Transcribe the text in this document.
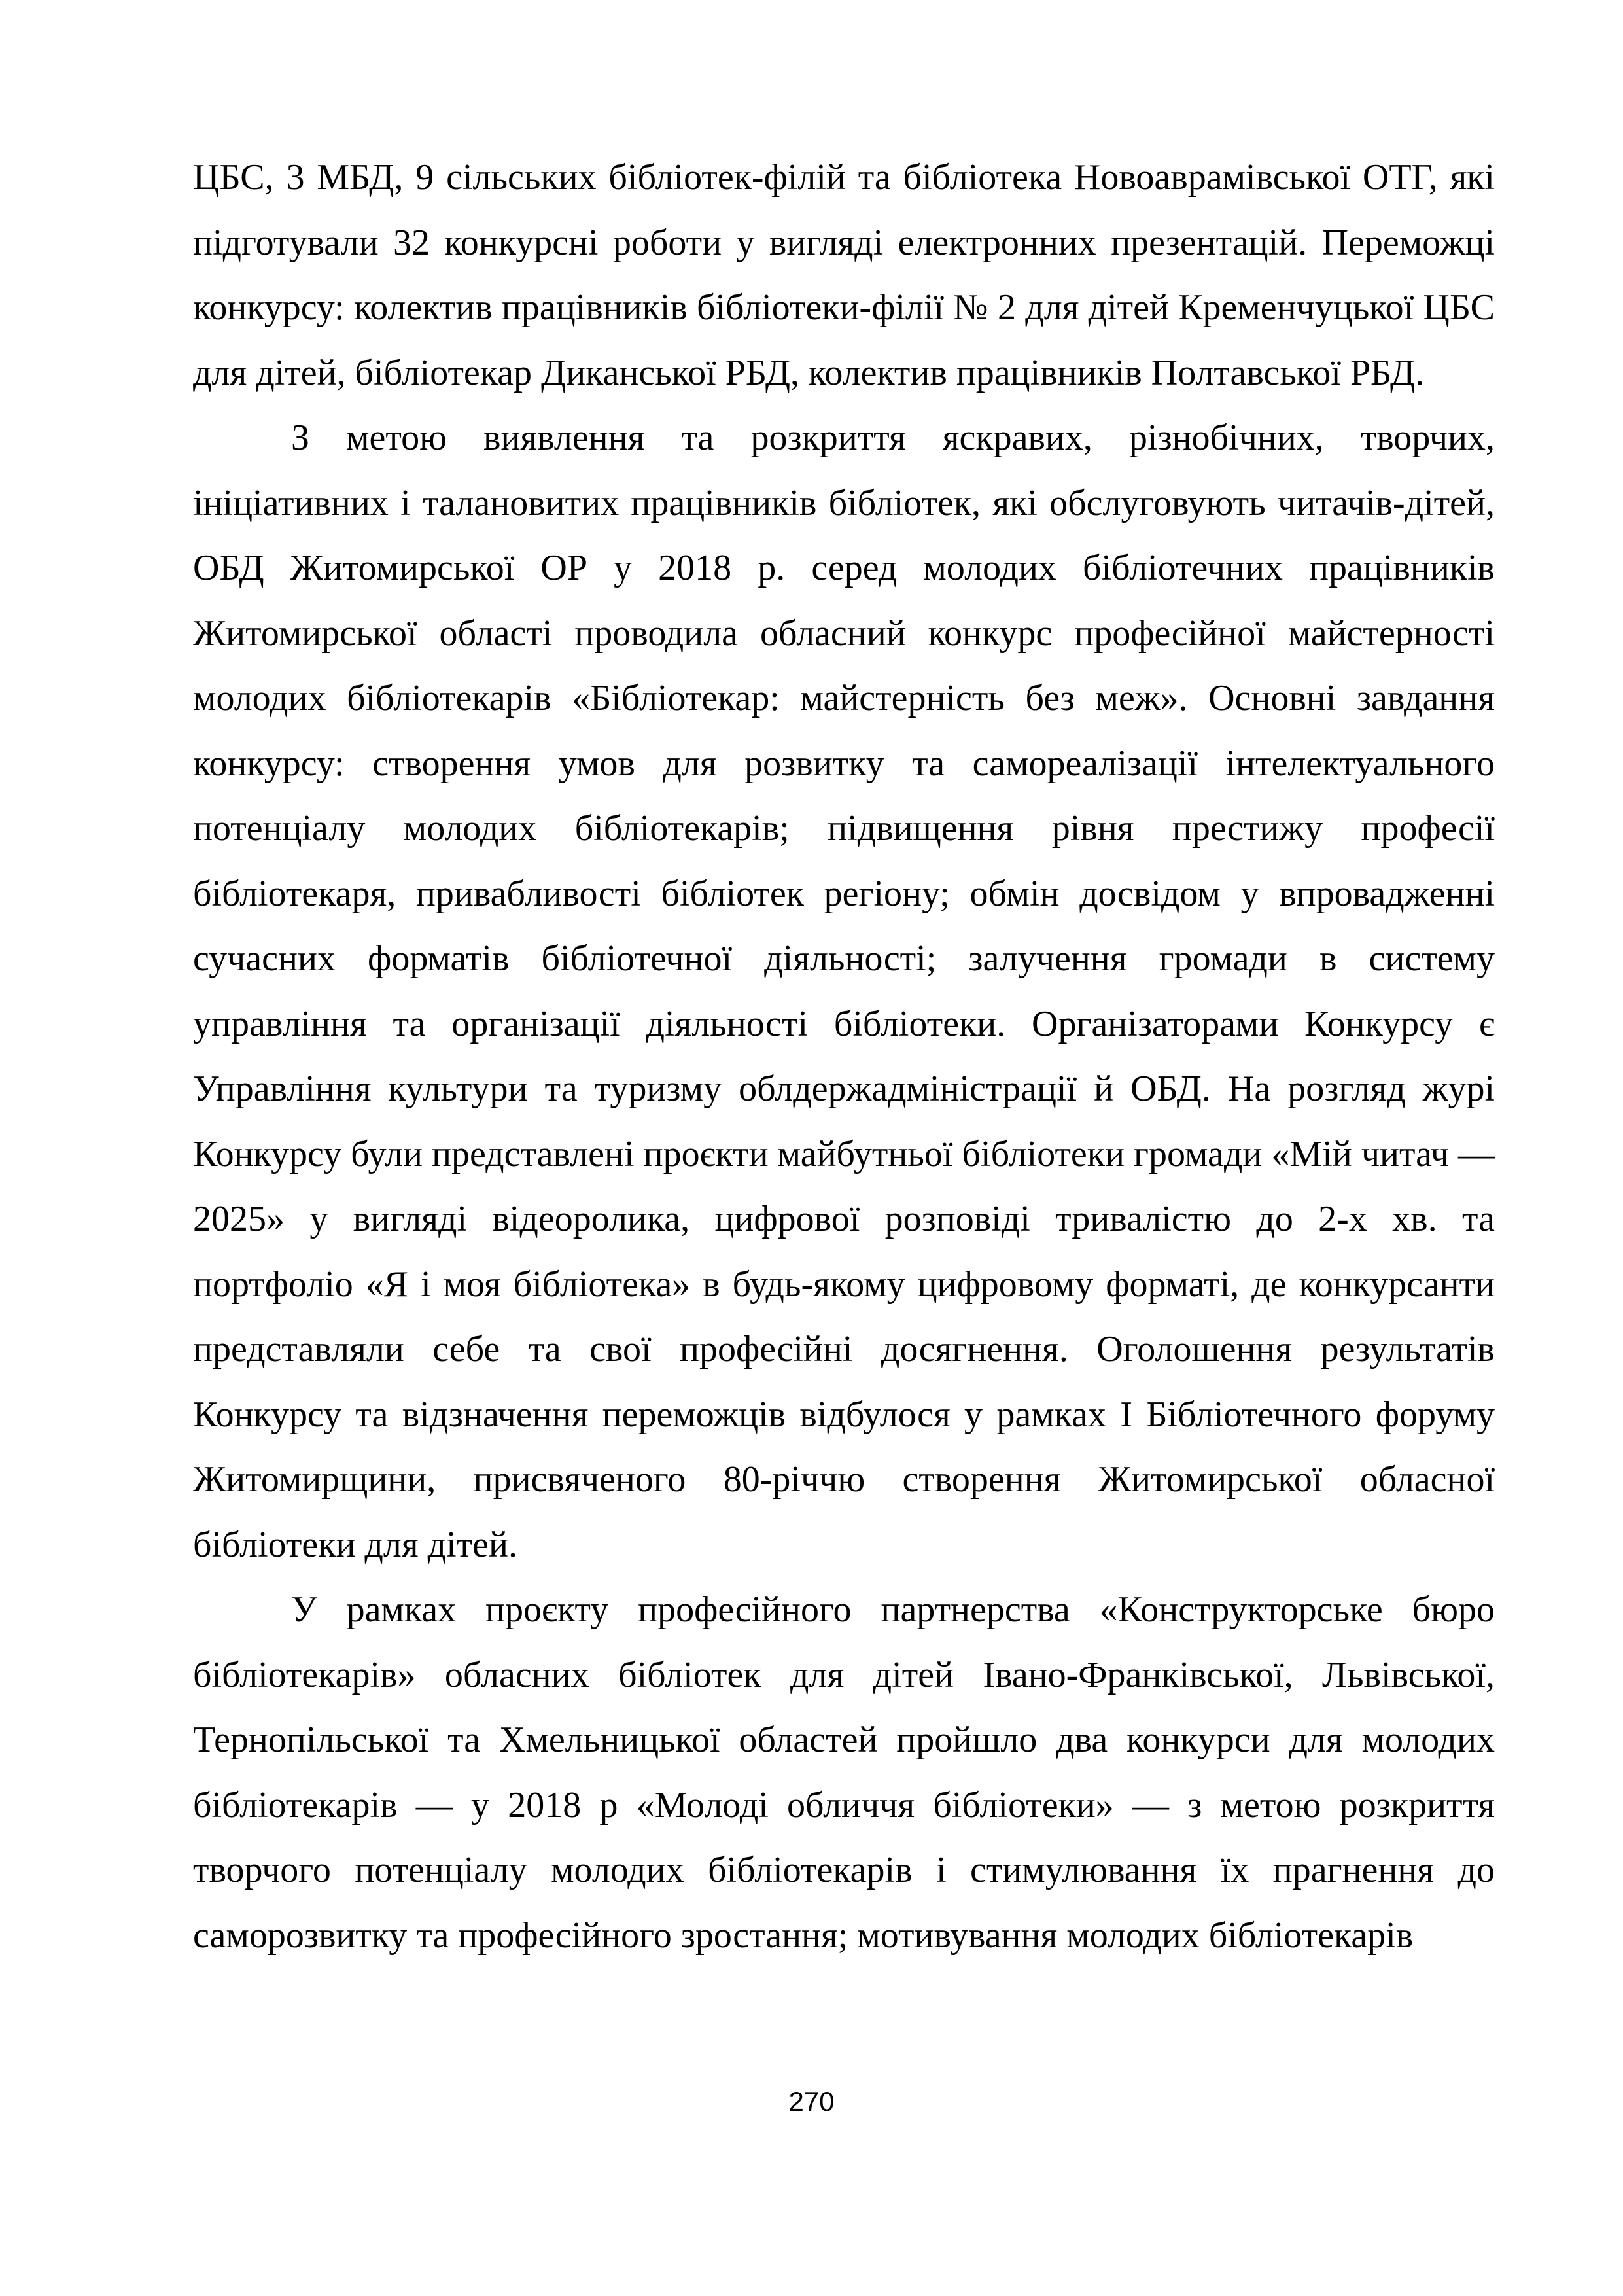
ЦБС, 3 МБД, 9 сільських бібліотек-філій та бібліотека Новоаврамівської ОТГ, які підготували 32 конкурсні роботи у вигляді електронних презентацій. Переможці конкурсу: колектив працівників бібліотеки-філії № 2 для дітей Кременчуцької ЦБС для дітей, бібліотекар Диканської РБД, колектив працівників Полтавської РБД.

З метою виявлення та розкриття яскравих, різнобічних, творчих, ініціативних і талановитих працівників бібліотек, які обслуговують читачів-дітей, ОБД Житомирської ОР у 2018 р. серед молодих бібліотечних працівників Житомирської області проводила обласний конкурс професійної майстерності молодих бібліотекарів «Бібліотекар: майстерність без меж». Основні завдання конкурсу: створення умов для розвитку та самореалізації інтелектуального потенціалу молодих бібліотекарів; підвищення рівня престижу професії бібліотекаря, привабливості бібліотек регіону; обмін досвідом у впровадженні сучасних форматів бібліотечної діяльності; залучення громади в систему управління та організації діяльності бібліотеки. Організаторами Конкурсу є Управління культури та туризму облдержадміністрації й ОБД. На розгляд журі Конкурсу були представлені проєкти майбутньої бібліотеки громади «Мій читач — 2025» у вигляді відеоролика, цифрової розповіді тривалістю до 2-х хв. та портфоліо «Я і моя бібліотека» в будь-якому цифровому форматі, де конкурсанти представляли себе та свої професійні досягнення. Оголошення результатів Конкурсу та відзначення переможців відбулося у рамках І Бібліотечного форуму Житомирщини, присвяченого 80-річчю створення Житомирської обласної бібліотеки для дітей.

У рамках проєкту професійного партнерства «Конструкторське бюро бібліотекарів» обласних бібліотек для дітей Івано-Франківської, Львівської, Тернопільської та Хмельницької областей пройшло два конкурси для молодих бібліотекарів — у 2018 р «Молоді обличчя бібліотеки» — з метою розкриття творчого потенціалу молодих бібліотекарів і стимулювання їх прагнення до саморозвитку та професійного зростання; мотивування молодих бібліотекарів

270
